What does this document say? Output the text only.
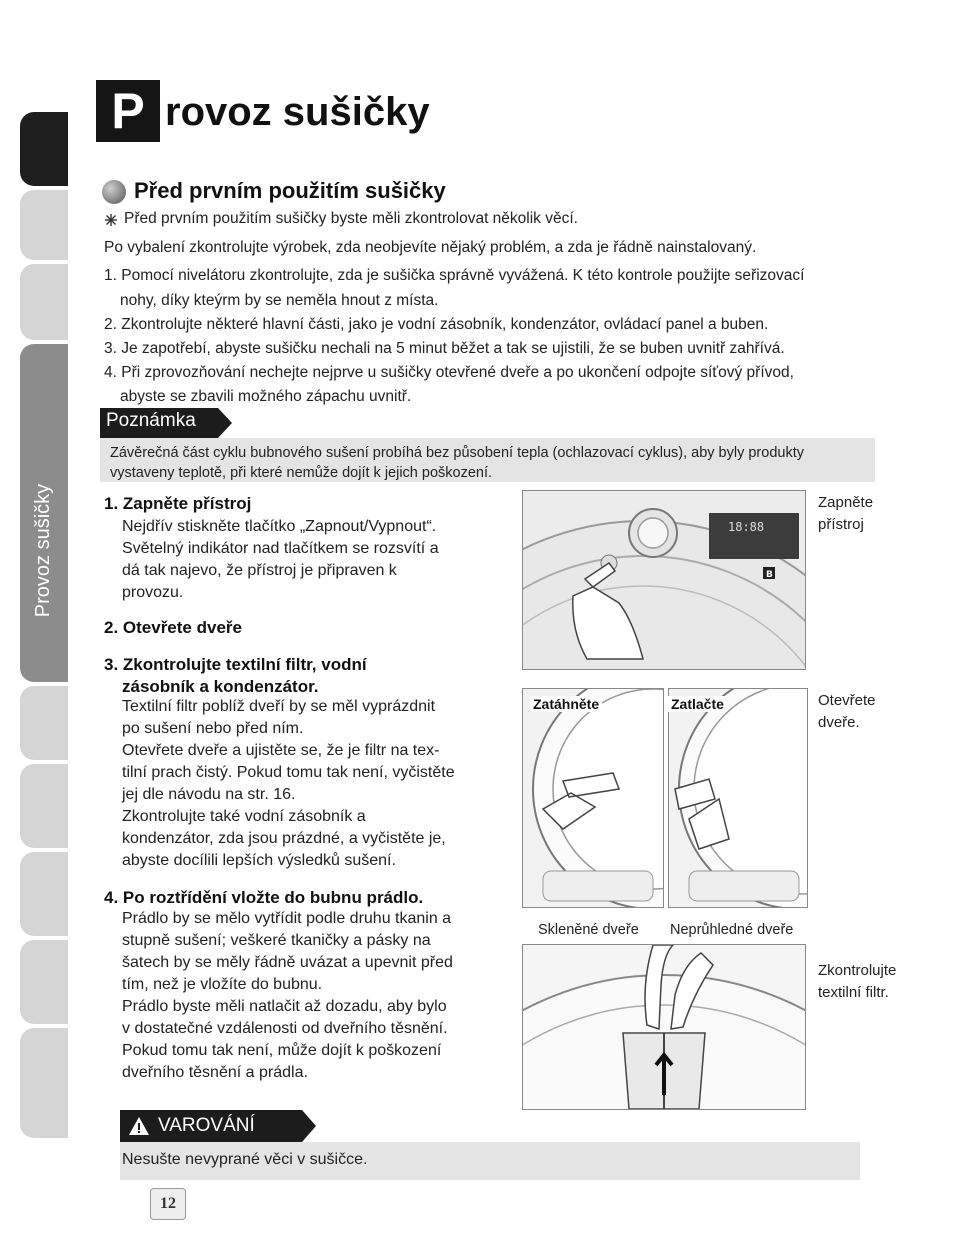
Provoz sušičky
P rovoz sušičky
Před prvním použitím sušičky
Před prvním použitím sušičky byste měli zkontrolovat několik věcí.
Po vybalení zkontrolujte výrobek, zda neobjevíte nějaký problém, a zda je řádně nainstalovaný.
1. Pomocí nivelátoru zkontrolujte, zda je sušička správně vyvážená. K této kontrole použijte seřizovací
nohy, díky kteýrm by se neměla hnout z místa.
2. Zkontrolujte některé hlavní části, jako je vodní zásobník, kondenzátor, ovládací panel a buben.
3. Je zapotřebí, abyste sušičku nechali na 5 minut běžet a tak se ujistili, že se buben uvnitř zahřívá.
4. Při zprovozňování nechejte nejprve u sušičky otevřené dveře a po ukončení odpojte síťový přívod,
abyste se zbavili možného zápachu uvnitř.
Poznámka
Závěrečná část cyklu bubnového sušení probíhá bez působení tepla (ochlazovací cyklus), aby byly produkty vystaveny teplotě, při které nemůže dojít k jejich poškození.
1. Zapněte přístroj
Nejdřív stiskněte tlačítko „Zapnout/Vypnout“.
Světelný indikátor nad tlačítkem se rozsvítí a
dá tak najevo, že přístroj je připraven k
provozu.
2. Otevřete dveře
3. Zkontrolujte textilní filtr, vodní
zásobník a kondenzátor.
Textilní filtr poblíž dveří by se měl vyprázdnit
po sušení nebo před ním.
Otevřete dveře a ujistěte se, že je filtr na tex-
tilní prach čistý. Pokud tomu tak není, vyčistěte
jej dle návodu na str. 16.
Zkontrolujte také vodní zásobník a
kondenzátor, zda jsou prázdné, a vyčistěte je,
abyste docílili lepších výsledků sušení.
4. Po roztřídění vložte do bubnu prádlo.
Prádlo by se mělo vytřídit podle druhu tkanin a
stupně sušení; veškeré tkaničky a pásky na
šatech by se měly řádně uvázat a upevnit před
tím, než je vložíte do bubnu.
Prádlo byste měli natlačit až dozadu, aby bylo
v dostatečné vzdálenosti od dveřního těsnění.
Pokud tomu tak není, může dojít k poškození
dveřního těsnění a prádla.
18:88
B
Zapněte
přístroj
Zatáhněte	Zatlačte	Otevřete
dveře.
Skleněné dveře Neprůhledné dveře
Zkontrolujte
textilní filtr.
VAROVÁNÍ
Nesušte nevyprané věci v sušičce.
12
